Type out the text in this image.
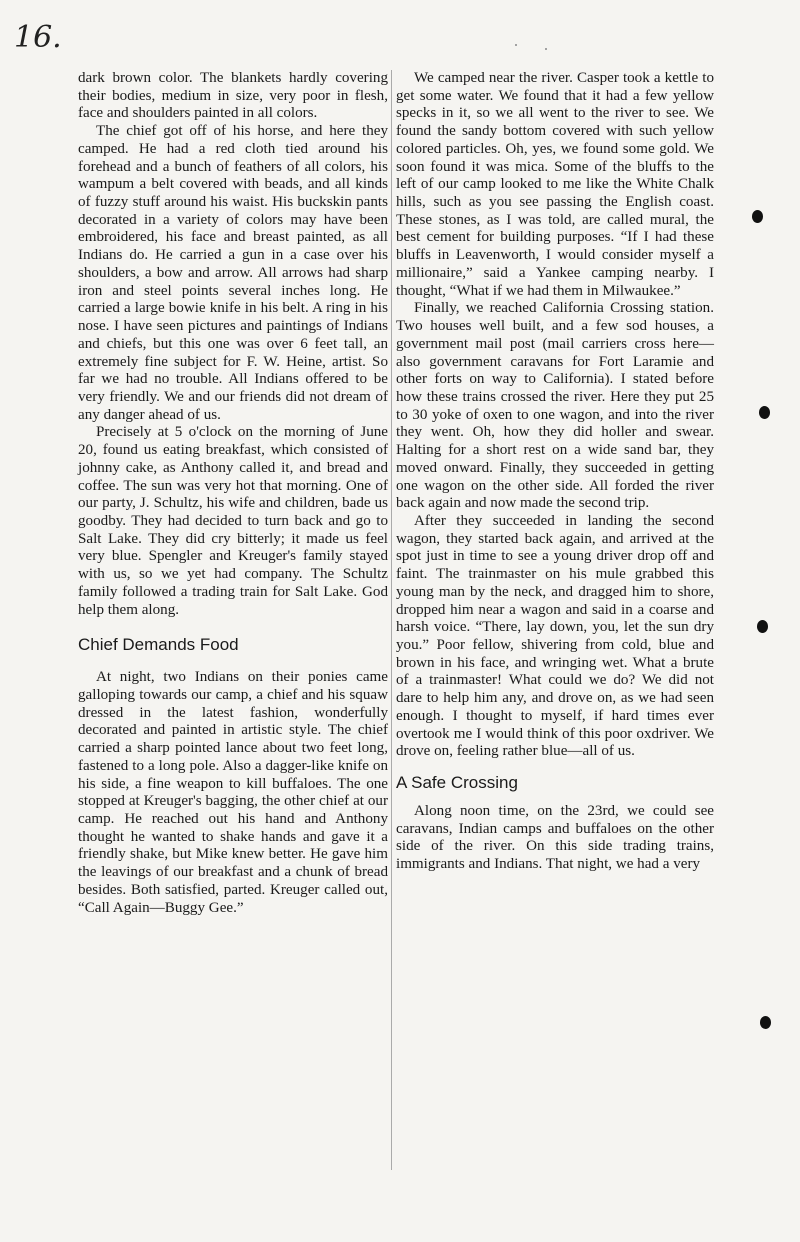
16.

dark brown color. The blankets hardly covering their bodies, medium in size, very poor in flesh, face and shoulders painted in all colors.

The chief got off of his horse, and here they camped. He had a red cloth tied around his forehead and a bunch of feathers of all colors, his wampum a belt covered with beads, and all kinds of fuzzy stuff around his waist. His buckskin pants decorated in a variety of colors may have been embroidered, his face and breast painted, as all Indians do. He carried a gun in a case over his shoulders, a bow and arrow. All arrows had sharp iron and steel points several inches long. He carried a large bowie knife in his belt. A ring in his nose. I have seen pictures and paintings of Indians and chiefs, but this one was over 6 feet tall, an extremely fine subject for F. W. Heine, artist. So far we had no trouble. All Indians offered to be very friendly. We and our friends did not dream of any danger ahead of us.

Precisely at 5 o'clock on the morning of June 20, found us eating breakfast, which consisted of johnny cake, as Anthony called it, and bread and coffee. The sun was very hot that morning. One of our party, J. Schultz, his wife and children, bade us goodby. They had decided to turn back and go to Salt Lake. They did cry bitterly; it made us feel very blue. Spengler and Kreuger's family stayed with us, so we yet had company. The Schultz family followed a trading train for Salt Lake. God help them along.

Chief Demands Food

At night, two Indians on their ponies came galloping towards our camp, a chief and his squaw dressed in the latest fashion, wonderfully decorated and painted in artistic style. The chief carried a sharp pointed lance about two feet long, fastened to a long pole. Also a dagger-like knife on his side, a fine weapon to kill buffaloes. The one stopped at Kreuger's bagging, the other chief at our camp. He reached out his hand and Anthony thought he wanted to shake hands and gave it a friendly shake, but Mike knew better. He gave him the leavings of our breakfast and a chunk of bread besides. Both satisfied, parted. Kreuger called out, “Call Again—Buggy Gee.”

We camped near the river. Casper took a kettle to get some water. We found that it had a few yellow specks in it, so we all went to the river to see. We found the sandy bottom covered with such yellow colored particles. Oh, yes, we found some gold. We soon found it was mica. Some of the bluffs to the left of our camp looked to me like the White Chalk hills, such as you see passing the English coast. These stones, as I was told, are called mural, the best cement for building purposes. “If I had these bluffs in Leavenworth, I would consider myself a millionaire,” said a Yankee camping nearby. I thought, “What if we had them in Milwaukee.”

Finally, we reached California Crossing station. Two houses well built, and a few sod houses, a government mail post (mail carriers cross here—also government caravans for Fort Laramie and other forts on way to California). I stated before how these trains crossed the river. Here they put 25 to 30 yoke of oxen to one wagon, and into the river they went. Oh, how they did holler and swear. Halting for a short rest on a wide sand bar, they moved onward. Finally, they succeeded in getting one wagon on the other side. All forded the river back again and now made the second trip.

After they succeeded in landing the second wagon, they started back again, and arrived at the spot just in time to see a young driver drop off and faint. The trainmaster on his mule grabbed this young man by the neck, and dragged him to shore, dropped him near a wagon and said in a coarse and harsh voice. “There, lay down, you, let the sun dry you.” Poor fellow, shivering from cold, blue and brown in his face, and wringing wet. What a brute of a trainmaster! What could we do? We did not dare to help him any, and drove on, as we had seen enough. I thought to myself, if hard times ever overtook me I would think of this poor oxdriver. We drove on, feeling rather blue—all of us.

A Safe Crossing

Along noon time, on the 23rd, we could see caravans, Indian camps and buffaloes on the other side of the river. On this side trading trains, immigrants and Indians. That night, we had a very
